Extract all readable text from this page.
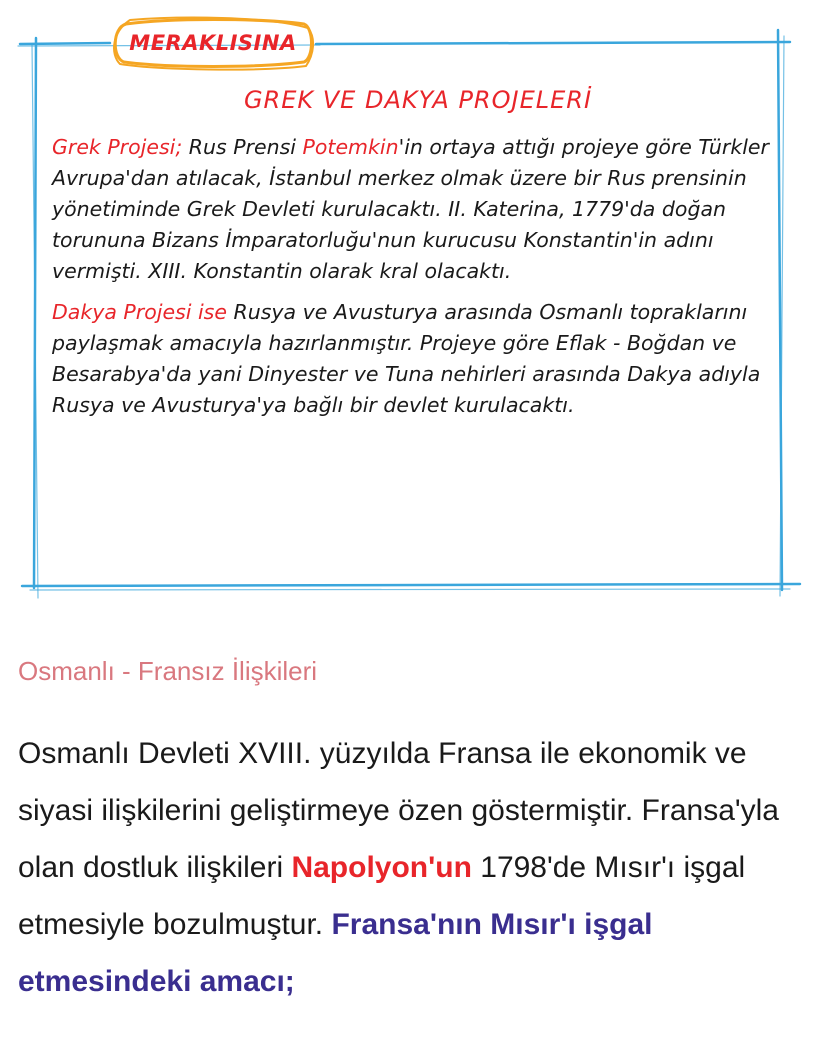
MERAKLISINA
GREK VE DAKYA PROJELERİ

Grek Projesi; Rus Prensi Potemkin'in ortaya attığı projeye göre Türkler Avrupa'dan atılacak, İstanbul merkez olmak üzere bir Rus prensinin yönetiminde Grek Devleti kurulacaktı. II. Katerina, 1779'da doğan torununa Bizans İmparatorluğu'nun kurucusu Konstantin'in adını vermişti. XIII. Konstantin olarak kral olacaktı.

Dakya Projesi ise Rusya ve Avusturya arasında Osmanlı topraklarını paylaşmak amacıyla hazırlanmıştır. Projeye göre Eflak - Boğdan ve Besarabya'da yani Dinyester ve Tuna nehirleri arasında Dakya adıyla Rusya ve Avusturya'ya bağlı bir devlet kurulacaktı.

Osmanlı - Fransız İlişkileri
Osmanlı Devleti XVIII. yüzyılda Fransa ile ekonomik ve siyasi ilişkilerini geliştirmeye özen göstermiştir. Fransa'yla olan dostluk ilişkileri Napolyon'un 1798'de Mısır'ı işgal etmesiyle bozulmuştur. Fransa'nın Mısır'ı işgal etmesindeki amacı;
